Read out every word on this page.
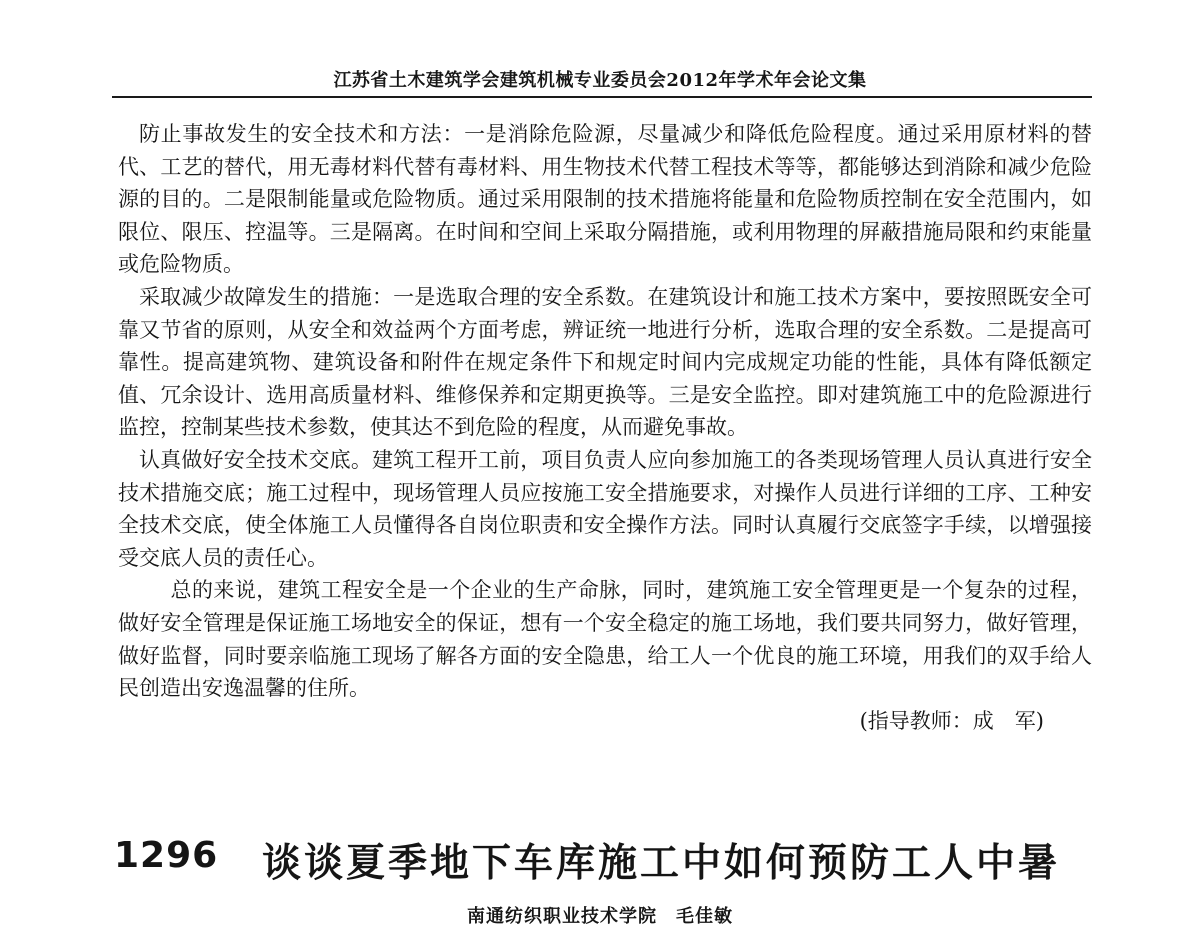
江苏省土木建筑学会建筑机械专业委员会2012年学术年会论文集

防止事故发生的安全技术和方法：一是消除危险源，尽量减少和降低危险程度。通过采用原材料的替代、工艺的替代，用无毒材料代替有毒材料、用生物技术代替工程技术等等，都能够达到消除和减少危险源的目的。二是限制能量或危险物质。通过采用限制的技术措施将能量和危险物质控制在安全范围内，如限位、限压、控温等。三是隔离。在时间和空间上采取分隔措施，或利用物理的屏蔽措施局限和约束能量或危险物质。

采取减少故障发生的措施：一是选取合理的安全系数。在建筑设计和施工技术方案中，要按照既安全可靠又节省的原则，从安全和效益两个方面考虑，辨证统一地进行分析，选取合理的安全系数。二是提高可靠性。提高建筑物、建筑设备和附件在规定条件下和规定时间内完成规定功能的性能，具体有降低额定值、冗余设计、选用高质量材料、维修保养和定期更换等。三是安全监控。即对建筑施工中的危险源进行监控，控制某些技术参数，使其达不到危险的程度，从而避免事故。

认真做好安全技术交底。建筑工程开工前，项目负责人应向参加施工的各类现场管理人员认真进行安全技术措施交底；施工过程中，现场管理人员应按施工安全措施要求，对操作人员进行详细的工序、工种安全技术交底，使全体施工人员懂得各自岗位职责和安全操作方法。同时认真履行交底签字手续，以增强接受交底人员的责任心。

总的来说，建筑工程安全是一个企业的生产命脉，同时，建筑施工安全管理更是一个复杂的过程，做好安全管理是保证施工场地安全的保证，想有一个安全稳定的施工场地，我们要共同努力，做好管理，做好监督，同时要亲临施工现场了解各方面的安全隐患，给工人一个优良的施工环境，用我们的双手给人民创造出安逸温馨的住所。

(指导教师：成　军)

1296 谈谈夏季地下车库施工中如何预防工人中暑
南通纺织职业技术学院　毛佳敏
